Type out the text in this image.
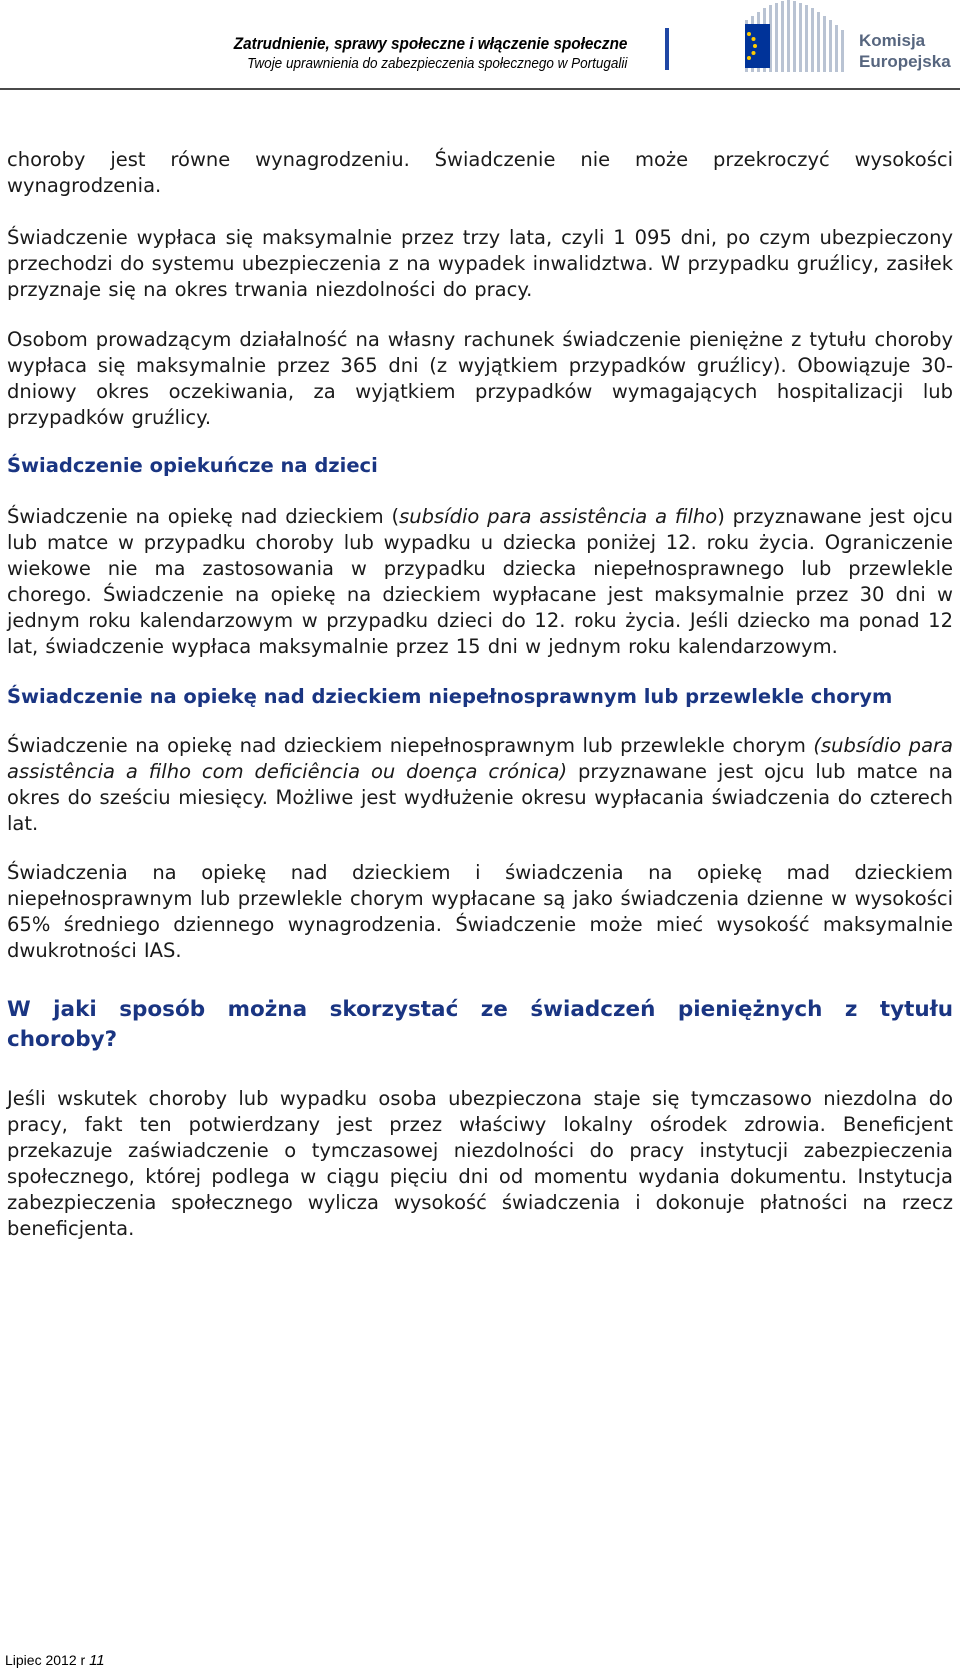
Zatrudnienie, sprawy społeczne i włączenie społeczne
Twoje uprawnienia do zabezpieczenia społecznego w Portugalii
Komisja
Europejska

choroby jest równe wynagrodzeniu. Świadczenie nie może przekroczyć wysokości wynagrodzenia.

Świadczenie wypłaca się maksymalnie przez trzy lata, czyli 1 095 dni, po czym ubezpieczony przechodzi do systemu ubezpieczenia z na wypadek inwalidztwa. W przypadku gruźlicy, zasiłek przyznaje się na okres trwania niezdolności do pracy.

Osobom prowadzącym działalność na własny rachunek świadczenie pieniężne z tytułu choroby wypłaca się maksymalnie przez 365 dni (z wyjątkiem przypadków gruźlicy). Obowiązuje 30-dniowy okres oczekiwania, za wyjątkiem przypadków wymagających hospitalizacji lub przypadków gruźlicy.

Świadczenie opiekuńcze na dzieci

Świadczenie na opiekę nad dzieckiem (subsídio para assistência a filho) przyznawane jest ojcu lub matce w przypadku choroby lub wypadku u dziecka poniżej 12. roku życia. Ograniczenie wiekowe nie ma zastosowania w przypadku dziecka niepełnosprawnego lub przewlekle chorego. Świadczenie na opiekę na dzieckiem wypłacane jest maksymalnie przez 30 dni w jednym roku kalendarzowym w przypadku dzieci do 12. roku życia. Jeśli dziecko ma ponad 12 lat, świadczenie wypłaca maksymalnie przez 15 dni w jednym roku kalendarzowym.

Świadczenie na opiekę nad dzieckiem niepełnosprawnym lub przewlekle chorym

Świadczenie na opiekę nad dzieckiem niepełnosprawnym lub przewlekle chorym (subsídio para assistência a filho com deficiência ou doença crónica) przyznawane jest ojcu lub matce na okres do sześciu miesięcy. Możliwe jest wydłużenie okresu wypłacania świadczenia do czterech lat.

Świadczenia na opiekę nad dzieckiem i świadczenia na opiekę mad dzieckiem niepełnosprawnym lub przewlekle chorym wypłacane są jako świadczenia dzienne w wysokości 65% średniego dziennego wynagrodzenia. Świadczenie może mieć wysokość maksymalnie dwukrotności IAS.

W jaki sposób można skorzystać ze świadczeń pieniężnych z tytułu choroby?

Jeśli wskutek choroby lub wypadku osoba ubezpieczona staje się tymczasowo niezdolna do pracy, fakt ten potwierdzany jest przez właściwy lokalny ośrodek zdrowia. Beneficjent przekazuje zaświadczenie o tymczasowej niezdolności do pracy instytucji zabezpieczenia społecznego, której podlega w ciągu pięciu dni od momentu wydania dokumentu. Instytucja zabezpieczenia społecznego wylicza wysokość świadczenia i dokonuje płatności na rzecz beneficjenta.

Lipiec 2012 r 11
